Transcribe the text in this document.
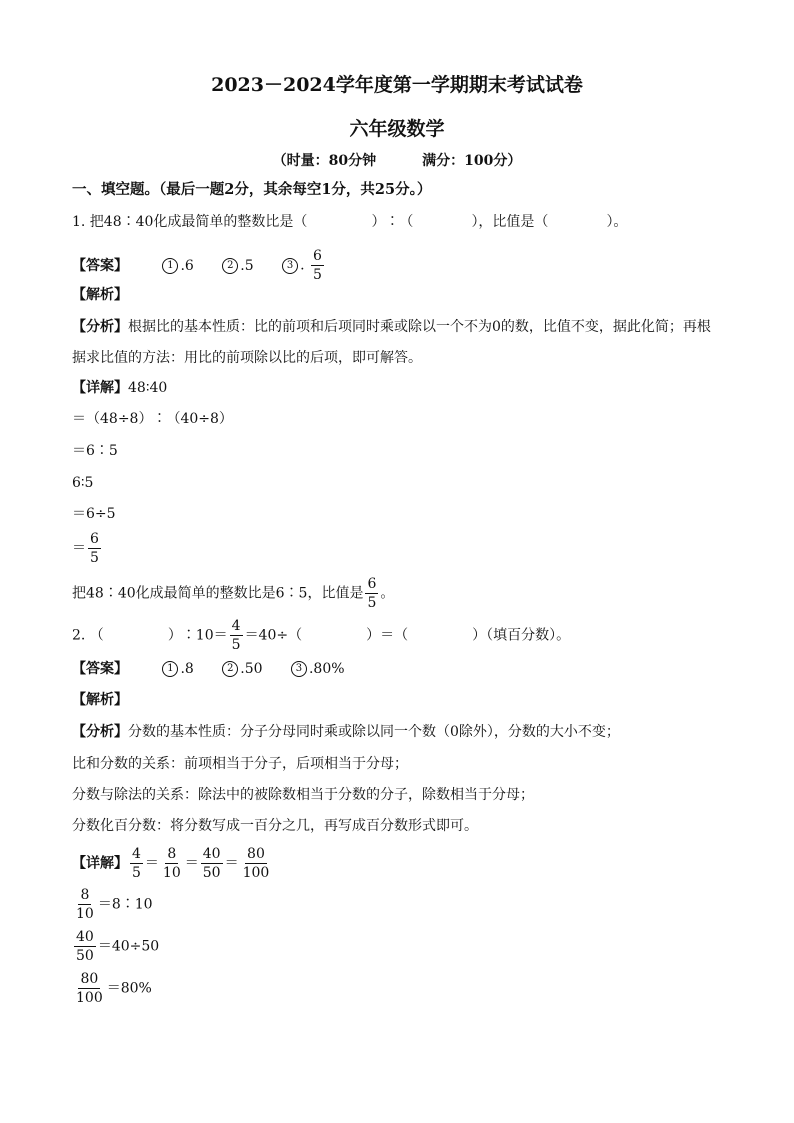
2023－2024学年度第一学期期末考试试卷
六年级数学
（时量：80分钟	满分：100分）
一、填空题。（最后一题2分，其余每空1分，共25分。）
1. 把48∶40化成最简单的整数比是（	）∶（	），比值是（	）。
【答案】	1 .6	2 .5	3 . $\frac{6}{5}$
【解析】
【分析】根据比的基本性质：比的前项和后项同时乘或除以一个不为0的数，比值不变，据此化简；再根据求比值的方法：用比的前项除以比的后项，即可解答。
【详解】48∶40
＝（48÷8）∶（40÷8）
＝6∶5
6∶5
＝6÷5
＝ $\frac{6}{5}$
把48∶40化成最简单的整数比是6∶5，比值是 $\frac{6}{5}$ 。
2. （	）∶10＝ $\frac{4}{5} =40\div$（	）＝（	）（填百分数）。
【答案】	1 .8	2 .50	3 .80%
【解析】
【分析】分数的基本性质：分子分母同时乘或除以同一个数（0除外），分数的大小不变；
比和分数的关系：前项相当于分子，后项相当于分母；
分数与除法的关系：除法中的被除数相当于分数的分子，除数相当于分母；
分数化百分数：将分数写成一百分之几，再写成百分数形式即可。
【详解】 $\frac{4}{5} = \frac{8}{10} = \frac{40}{50} = \frac{80}{100}$
$\frac{8}{10}$ ＝8∶10
$\frac{40}{50} =40\div 50$
$\frac{80}{100} =80\%$
